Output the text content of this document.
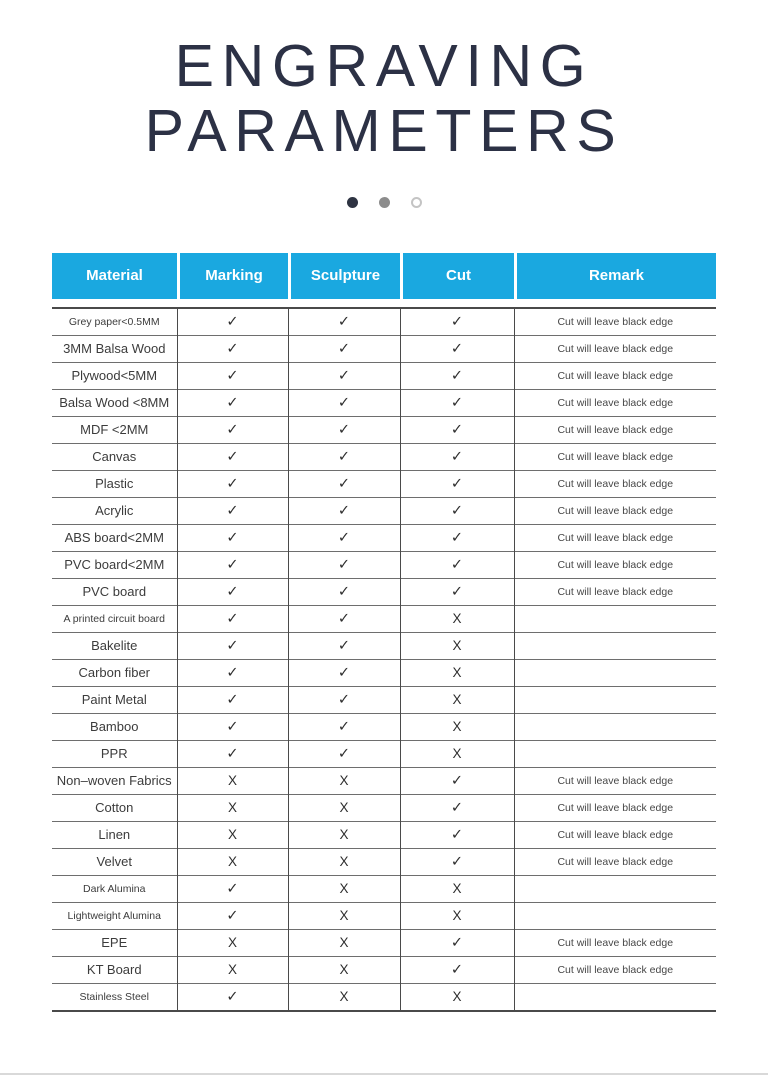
ENGRAVING
PARAMETERS
Material	Marking	Sculpture	Cut	Remark
Grey paper<0.5MM	✓	✓	✓	Cut will leave black edge
3MM Balsa Wood	✓	✓	✓	Cut will leave black edge
Plywood<5MM	✓	✓	✓	Cut will leave black edge
Balsa Wood <8MM	✓	✓	✓	Cut will leave black edge
MDF <2MM	✓	✓	✓	Cut will leave black edge
Canvas	✓	✓	✓	Cut will leave black edge
Plastic	✓	✓	✓	Cut will leave black edge
Acrylic	✓	✓	✓	Cut will leave black edge
ABS board<2MM	✓	✓	✓	Cut will leave black edge
PVC board<2MM	✓	✓	✓	Cut will leave black edge
PVC board	✓	✓	✓	Cut will leave black edge
A printed circuit board	✓	✓	X	
Bakelite	✓	✓	X	
Carbon fiber	✓	✓	X	
Paint Metal	✓	✓	X	
Bamboo	✓	✓	X	
PPR	✓	✓	X	
Non–woven Fabrics	X	X	✓	Cut will leave black edge
Cotton	X	X	✓	Cut will leave black edge
Linen	X	X	✓	Cut will leave black edge
Velvet	X	X	✓	Cut will leave black edge
Dark Alumina	✓	X	X	
Lightweight Alumina	✓	X	X	
EPE	X	X	✓	Cut will leave black edge
KT Board	X	X	✓	Cut will leave black edge
Stainless Steel	✓	X	X	
